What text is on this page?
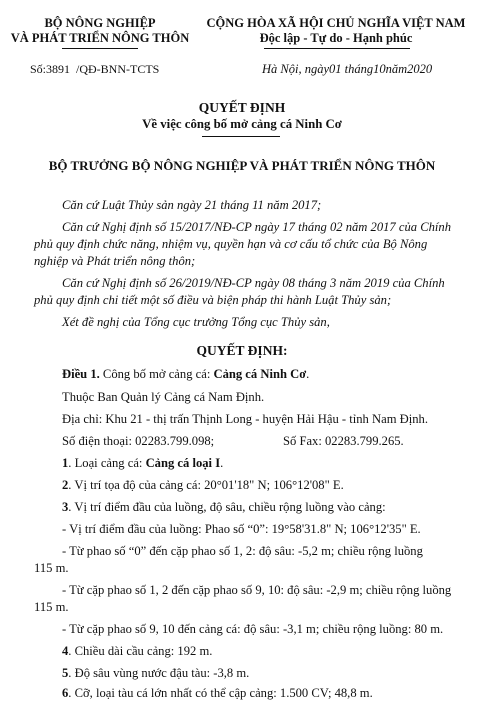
BỘ NÔNG NGHIỆP
VÀ PHÁT TRIỂN NÔNG THÔN
CỘNG HÒA XÃ HỘI CHỦ NGHĨA VIỆT NAM
Độc lập - Tự do - Hạnh phúc
Số:3891 /QĐ-BNN-TCTS	Hà Nội, ngày01 tháng10năm2020
QUYẾT ĐỊNH
Về việc công bố mở cảng cá Ninh Cơ
BỘ TRƯỞNG BỘ NÔNG NGHIỆP VÀ PHÁT TRIỂN NÔNG THÔN
Căn cứ Luật Thủy sản ngày 21 tháng 11 năm 2017;
Căn cứ Nghị định số 15/2017/NĐ-CP ngày 17 tháng 02 năm 2017 của Chính
phủ quy định chức năng, nhiệm vụ, quyền hạn và cơ cấu tổ chức của Bộ Nông
nghiệp và Phát triển nông thôn;
Căn cứ Nghị định số 26/2019/NĐ-CP ngày 08 tháng 3 năm 2019 của Chính
phủ quy định chi tiết một số điều và biện pháp thi hành Luật Thủy sản;
Xét đề nghị của Tổng cục trưởng Tổng cục Thủy sản,
QUYẾT ĐỊNH:
Điều 1. Công bố mở cảng cá: Cảng cá Ninh Cơ.
Thuộc Ban Quản lý Cảng cá Nam Định.
Địa chỉ: Khu 21 - thị trấn Thịnh Long - huyện Hải Hậu - tỉnh Nam Định.
Số điện thoại: 02283.799.098;	Số Fax: 02283.799.265.
1. Loại cảng cá: Cảng cá loại I.
2. Vị trí tọa độ của cảng cá: 20°01'18" N; 106°12'08" E.
3. Vị trí điểm đầu của luồng, độ sâu, chiều rộng luồng vào cảng:
- Vị trí điểm đầu của luồng: Phao số “0”: 19°58'31.8" N; 106°12'35" E.
- Từ phao số “0” đến cặp phao số 1, 2: độ sâu: -5,2 m; chiều rộng luồng
115 m.
- Từ cặp phao số 1, 2 đến cặp phao số 9, 10: độ sâu: -2,9 m; chiều rộng luồng
115 m.
- Từ cặp phao số 9, 10 đến cảng cá: độ sâu: -3,1 m; chiều rộng luồng: 80 m.
4. Chiều dài cầu cảng: 192 m.
5. Độ sâu vùng nước đậu tàu: -3,8 m.
6. Cỡ, loại tàu cá lớn nhất có thể cập cảng: 1.500 CV; 48,8 m.
